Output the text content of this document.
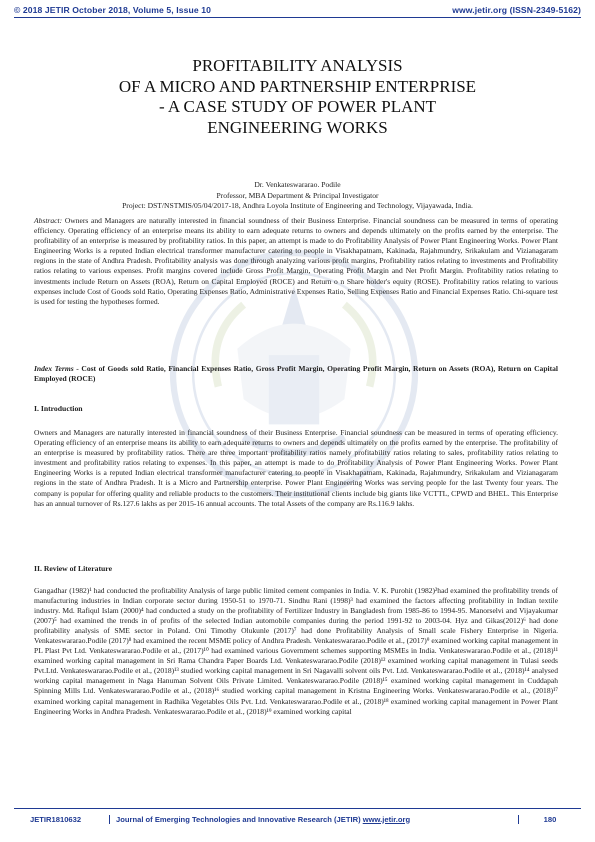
© 2018 JETIR October 2018, Volume 5, Issue 10	www.jetir.org (ISSN-2349-5162)
PROFITABILITY ANALYSIS
OF A MICRO AND PARTNERSHIP ENTERPRISE
- A CASE STUDY OF POWER PLANT
ENGINEERING WORKS
Dr. Venkateswararao. Podile
Professor, MBA Department & Principal Investigator
Project: DST/NSTMIS/05/04/2017-18, Andhra Loyola Institute of Engineering and Technology, Vijayawada, India.

Abstract: Owners and Managers are naturally interested in financial soundness of their Business Enterprise. Financial soundness can be measured in terms of operating efficiency. Operating efficiency of an enterprise means its ability to earn adequate returns to owners and depends ultimately on the profits earned by the enterprise. The profitability of an enterprise is measured by profitability ratios. In this paper, an attempt is made to do Profitability Analysis of Power Plant Engineering Works. Power Plant Engineering Works is a reputed Indian electrical transformer manufacturer catering to people in Visakhapatnam, Kakinada, Rajahmundry, Srikakulam and Vizianagaram regions in the state of Andhra Pradesh. Profitability analysis was done through analyzing various profit margins, Profitability ratios relating to investments and Profitability ratios relating to various expenses. Profit margins covered include Gross Profit Margin, Operating Profit Margin and Net Profit Margin. Profitability ratios relating to investments include Return on Assets (ROA), Return on Capital Employed (ROCE) and Return o n Share holder's equity (ROSE). Profitability ratios relating to various expenses include Cost of Goods sold Ratio, Operating Expenses Ratio, Administrative Expenses Ratio, Selling Expenses Ratio and Financial Expenses Ratio. Chi-square test is used for testing the hypotheses formed.

Index Terms - Cost of Goods sold Ratio, Financial Expenses Ratio, Gross Profit Margin, Operating Profit Margin, Return on Assets (ROA), Return on Capital Employed (ROCE)

I. Introduction

Owners and Managers are naturally interested in financial soundness of their Business Enterprise. Financial soundness can be measured in terms of operating efficiency. Operating efficiency of an enterprise means its ability to earn adequate returns to owners and depends ultimately on the profits earned by the enterprise. The profitability of an enterprise is measured by profitability ratios. There are three important profitability ratios namely profitability ratios relating to sales, profitability ratios relating to investment and profitability ratios relating to expenses. In this paper, an attempt is made to do Profitability Analysis of Power Plant Engineering Works. Power Plant Engineering Works is a reputed Indian electrical transformer manufacturer catering to people in Visakhapatnam, Kakinada, Rajahmundry, Srikakulam and Vizianagaram regions in the state of Andhra Pradesh. It is a Micro and Partnership enterprise. Power Plant Engineering Works was serving people for the last Twenty four years. The company is popular for offering quality and reliable products to the customers. Their institutional clients include big giants like VCTTL, CPWD and BHEL. This Enterprise has an annual turnover of Rs.127.6 lakhs as per 2015-16 annual accounts. The total Assets of the company are Rs.116.9 lakhs.

II. Review of Literature

Gangadhar (1982)¹ had conducted the profitability Analysis of large public limited cement companies in India. V. K. Purohit (1982)²had examined the profitability trends of manufacturing industries in Indian corporate sector during 1950-51 to 1970-71. Sindhu Rani (1998)³ had examined the factors affecting profitability in Indian textile industry. Md. Rafiqul Islam (2000)⁴ had conducted a study on the profitability of Fertilizer Industry in Bangladesh from 1985-86 to 1994-95. Manorselvi and Vijayakumar (2007)⁵ had examined the trends in of profits of the selected Indian automobile companies during the period 1991-92 to 2003-04. Hyz and Gikas(2012)⁶ had done profitability analysis of SME sector in Poland. Oni Timothy Olukunle (2017)⁷ had done Profitability Analysis of Small scale Fishery Enterprise in Nigeria. Venkateswararao.Podile (2017)⁸ had examined the recent MSME policy of Andhra Pradesh. Venkateswararao.Podile et al., (2017)⁹ examined working capital management in PL Plast Pvt Ltd. Venkateswararao.Podile et al., (2017)¹⁰ had examined various Government schemes supporting MSMEs in India. Venkateswararao.Podile et al., (2018)¹¹ examined working capital management in Sri Rama Chandra Paper Boards Ltd. Venkateswararao.Podile (2018)¹² examined working capital management in Tulasi seeds Pvt.Ltd. Venkateswararao.Podile et al., (2018)¹³ studied working capital management in Sri Nagavalli solvent oils Pvt. Ltd. Venkateswararao.Podile et al., (2018)¹⁴ analysed working capital management in Naga Hanuman Solvent Oils Private Limited. Venkateswararao.Podile (2018)¹⁵ examined working capital management in Cuddapah Spinning Mills Ltd. Venkateswararao.Podile et al., (2018)¹⁶ studied working capital management in Kristna Engineering Works. Venkateswararao.Podile et al., (2018)¹⁷ examined working capital management in Radhika Vegetables Oils Pvt. Ltd. Venkateswararao.Podile et al., (2018)¹⁸ examined working capital management in Power Plant Engineering Works in Andhra Pradesh. Venkateswararao.Podile et al., (2018)¹⁹ examined working capital

JETIR1810632	Journal of Emerging Technologies and Innovative Research (JETIR) www.jetir.org	180
